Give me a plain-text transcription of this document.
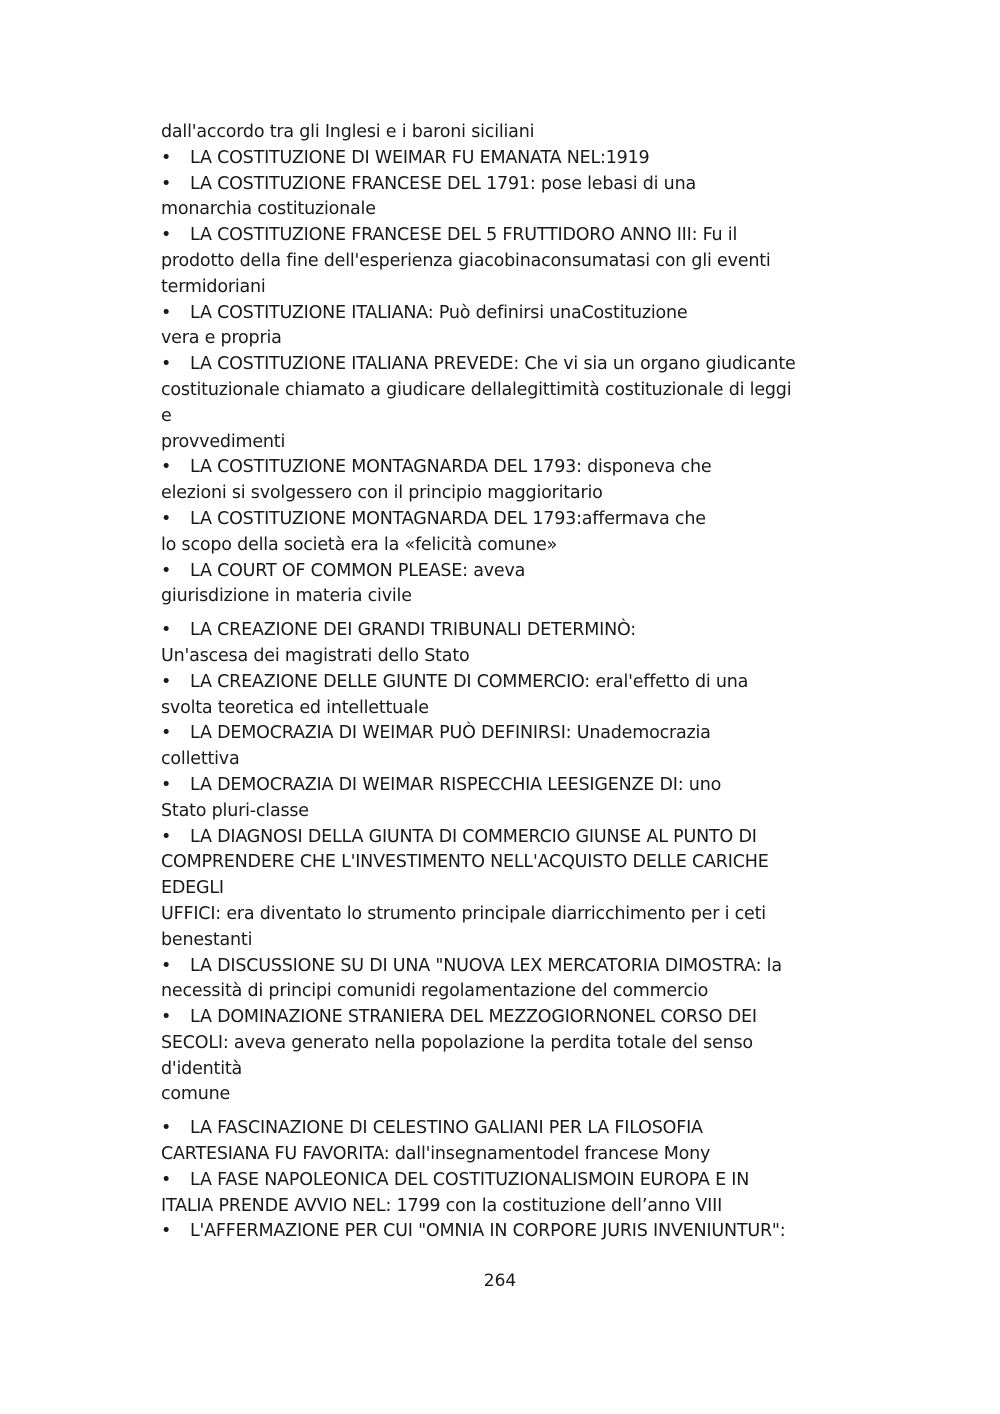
dall'accordo tra gli Inglesi e i baroni siciliani
• LA COSTITUZIONE DI WEIMAR FU EMANATA NEL:1919
• LA COSTITUZIONE FRANCESE DEL 1791: pose lebasi di una
monarchia costituzionale
• LA COSTITUZIONE FRANCESE DEL 5 FRUTTIDORO ANNO III: Fu il
prodotto della fine dell'esperienza giacobinaconsumatasi con gli eventi
termidoriani
• LA COSTITUZIONE ITALIANA: Può definirsi unaCostituzione
vera e propria
• LA COSTITUZIONE ITALIANA PREVEDE: Che vi sia un organo giudicante
costituzionale chiamato a giudicare dellalegittimità costituzionale di leggi
e
provvedimenti
• LA COSTITUZIONE MONTAGNARDA DEL 1793: disponeva che
elezioni si svolgessero con il principio maggioritario
• LA COSTITUZIONE MONTAGNARDA DEL 1793:affermava che
lo scopo della società era la «felicità comune»
• LA COURT OF COMMON PLEASE: aveva
giurisdizione in materia civile
• LA CREAZIONE DEI GRANDI TRIBUNALI DETERMINÒ:
Un'ascesa dei magistrati dello Stato
• LA CREAZIONE DELLE GIUNTE DI COMMERCIO: eral'effetto di una
svolta teoretica ed intellettuale
• LA DEMOCRAZIA DI WEIMAR PUÒ DEFINIRSI: Unademocrazia
collettiva
• LA DEMOCRAZIA DI WEIMAR RISPECCHIA LEESIGENZE DI: uno
Stato pluri-classe
• LA DIAGNOSI DELLA GIUNTA DI COMMERCIO GIUNSE AL PUNTO DI
COMPRENDERE CHE L'INVESTIMENTO NELL'ACQUISTO DELLE CARICHE
EDEGLI
UFFICI: era diventato lo strumento principale diarricchimento per i ceti
benestanti
• LA DISCUSSIONE SU DI UNA "NUOVA LEX MERCATORIA DIMOSTRA: la
necessità di principi comunidi regolamentazione del commercio
• LA DOMINAZIONE STRANIERA DEL MEZZOGIORNONEL CORSO DEI
SECOLI: aveva generato nella popolazione la perdita totale del senso
d'identità
comune
• LA FASCINAZIONE DI CELESTINO GALIANI PER LA FILOSOFIA
CARTESIANA FU FAVORITA: dall'insegnamentodel francese Mony
• LA FASE NAPOLEONICA DEL COSTITUZIONALISMOIN EUROPA E IN
ITALIA PRENDE AVVIO NEL: 1799 con la costituzione dell’anno VIII
• L'AFFERMAZIONE PER CUI "OMNIA IN CORPORE JURIS INVENIUNTUR":
264
